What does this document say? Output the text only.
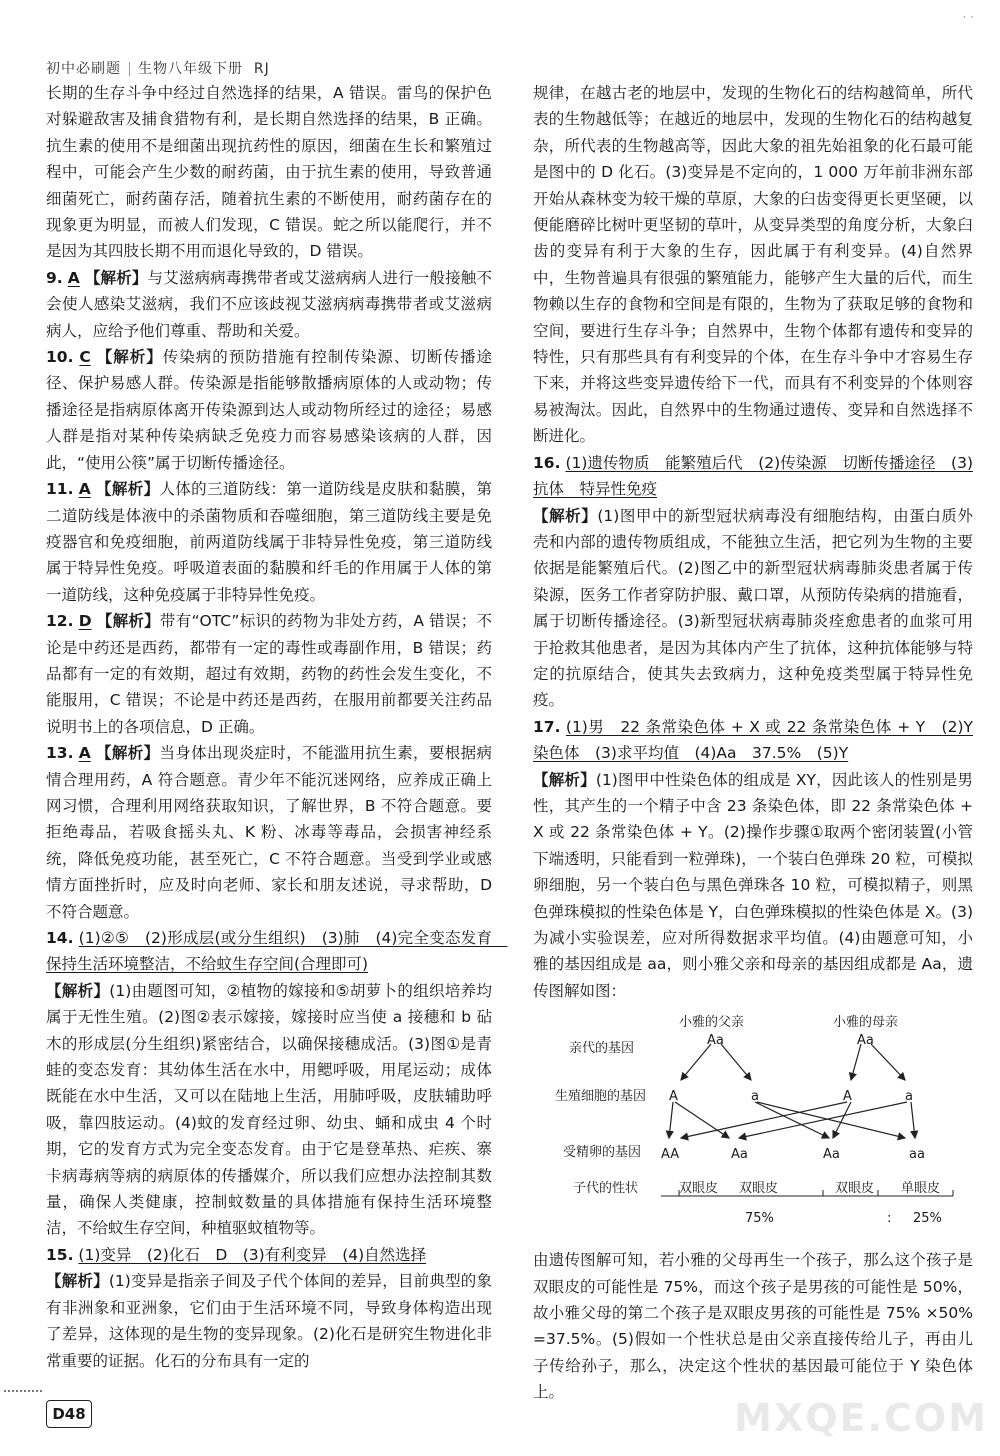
· ·
初中必刷题 生物八年级下册 RJ

长期的生存斗争中经过自然选择的结果，A 错误。雷鸟的保护色对躲避敌害及捕食猎物有利，是长期自然选择的结果，B 正确。抗生素的使用不是细菌出现抗药性的原因，细菌在生长和繁殖过程中，可能会产生少数的耐药菌，由于抗生素的使用，导致普通细菌死亡，耐药菌存活，随着抗生素的不断使用，耐药菌存在的现象更为明显，而被人们发现，C 错误。蛇之所以能爬行，并不是因为其四肢长期不用而退化导致的，D 错误。

9. A 【解析】与艾滋病病毒携带者或艾滋病病人进行一般接触不会使人感染艾滋病，我们不应该歧视艾滋病病毒携带者或艾滋病病人，应给予他们尊重、帮助和关爱。

10. C 【解析】传染病的预防措施有控制传染源、切断传播途径、保护易感人群。传染源是指能够散播病原体的人或动物；传播途径是指病原体离开传染源到达人或动物所经过的途径；易感人群是指对某种传染病缺乏免疫力而容易感染该病的人群，因此，“使用公筷”属于切断传播途径。

11. A 【解析】人体的三道防线：第一道防线是皮肤和黏膜，第二道防线是体液中的杀菌物质和吞噬细胞，第三道防线主要是免疫器官和免疫细胞，前两道防线属于非特异性免疫，第三道防线属于特异性免疫。呼吸道表面的黏膜和纤毛的作用属于人体的第一道防线，这种免疫属于非特异性免疫。

12. D 【解析】带有“OTC”标识的药物为非处方药，A 错误；不论是中药还是西药，都带有一定的毒性或毒副作用，B 错误；药品都有一定的有效期，超过有效期，药物的药性会发生变化，不能服用，C 错误；不论是中药还是西药，在服用前都要关注药品说明书上的各项信息，D 正确。

13. A 【解析】当身体出现炎症时，不能滥用抗生素，要根据病情合理用药，A 符合题意。青少年不能沉迷网络，应养成正确上网习惯，合理利用网络获取知识，了解世界，B 不符合题意。要拒绝毒品，若吸食摇头丸、K 粉、冰毒等毒品，会损害神经系统，降低免疫功能，甚至死亡，C 不符合题意。当受到学业或感情方面挫折时，应及时向老师、家长和朋友述说，寻求帮助，D 不符合题意。

14. (1)②⑤　(2)形成层(或分生组织)　(3)肺　(4)完全变态发育　保持生活环境整洁，不给蚊生存空间(合理即可)
【解析】(1)由题图可知，②植物的嫁接和⑤胡萝卜的组织培养均属于无性生殖。(2)图②表示嫁接，嫁接时应当使 a 接穗和 b 砧木的形成层(分生组织)紧密结合，以确保接穗成活。(3)图①是青蛙的变态发育：其幼体生活在水中，用鳃呼吸，用尾运动；成体既能在水中生活，又可以在陆地上生活，用肺呼吸，皮肤辅助呼吸，靠四肢运动。(4)蚊的发育经过卵、幼虫、蛹和成虫 4 个时期，它的发育方式为完全变态发育。由于它是登革热、疟疾、寨卡病毒病等病的病原体的传播媒介，所以我们应想办法控制其数量，确保人类健康，控制蚊数量的具体措施有保持生活环境整洁，不给蚊生存空间，种植驱蚊植物等。

15. (1)变异　(2)化石　D　(3)有利变异　(4)自然选择
【解析】(1)变异是指亲子间及子代个体间的差异，目前典型的象有非洲象和亚洲象，它们由于生活环境不同，导致身体构造出现了差异，这体现的是生物的变异现象。(2)化石是研究生物进化非常重要的证据。化石的分布具有一定的

规律，在越古老的地层中，发现的生物化石的结构越简单，所代表的生物越低等；在越近的地层中，发现的生物化石的结构越复杂，所代表的生物越高等，因此大象的祖先始祖象的化石最可能是图中的 D 化石。(3)变异是不定向的，1 000 万年前非洲东部开始从森林变为较干燥的草原，大象的臼齿变得更长更坚硬，以便能磨碎比树叶更坚韧的草叶，从变异类型的角度分析，大象臼齿的变异有利于大象的生存，因此属于有利变异。(4)自然界中，生物普遍具有很强的繁殖能力，能够产生大量的后代，而生物赖以生存的食物和空间是有限的，生物为了获取足够的食物和空间，要进行生存斗争；自然界中，生物个体都有遗传和变异的特性，只有那些具有有利变异的个体，在生存斗争中才容易生存下来，并将这些变异遗传给下一代，而具有不利变异的个体则容易被淘汰。因此，自然界中的生物通过遗传、变异和自然选择不断进化。

16. (1)遗传物质　能繁殖后代　(2)传染源　切断传播途径　(3)抗体　特异性免疫
【解析】(1)图甲中的新型冠状病毒没有细胞结构，由蛋白质外壳和内部的遗传物质组成，不能独立生活，把它列为生物的主要依据是能繁殖后代。(2)图乙中的新型冠状病毒肺炎患者属于传染源，医务工作者穿防护服、戴口罩，从预防传染病的措施看，属于切断传播途径。(3)新型冠状病毒肺炎痊愈患者的血浆可用于抢救其他患者，是因为其体内产生了抗体，这种抗体能够与特定的抗原结合，使其失去致病力，这种免疫类型属于特异性免疫。

17. (1)男　22 条常染色体 + X 或 22 条常染色体 + Y　(2)Y 染色体　(3)求平均值　(4)Aa　37.5%　(5)Y
【解析】(1)图甲中性染色体的组成是 XY，因此该人的性别是男性，其产生的一个精子中含 23 条染色体，即 22 条常染色体 + X 或 22 条常染色体 + Y。(2)操作步骤①取两个密闭装置(小管下端透明，只能看到一粒弹珠)，一个装白色弹珠 20 粒，可模拟卵细胞，另一个装白色与黑色弹珠各 10 粒，可模拟精子，则黑色弹珠模拟的性染色体是 Y，白色弹珠模拟的性染色体是 X。(3)为减小实验误差，应对所得数据求平均值。(4)由题意可知，小雅的基因组成是 aa，则小雅父亲和母亲的基因组成都是 Aa，遗传图解如图：

小雅的父亲	小雅的母亲
Aa	Aa
亲代的基因
生殖细胞的基因 A	a	A	a
受精卵的基因 AA	Aa	Aa	aa
子代的性状	双眼皮 双眼皮	双眼皮 单眼皮
75%	: 25%

由遗传图解可知，若小雅的父母再生一个孩子，那么这个孩子是双眼皮的可能性是 75%，而这个孩子是男孩的可能性是 50%，故小雅父母的第二个孩子是双眼皮男孩的可能性是 75% ×50% =37.5%。(5)假如一个性状总是由父亲直接传给儿子，再由儿子传给孙子，那么，决定这个性状的基因最可能位于 Y 染色体上。

D48	MXQE.COM
